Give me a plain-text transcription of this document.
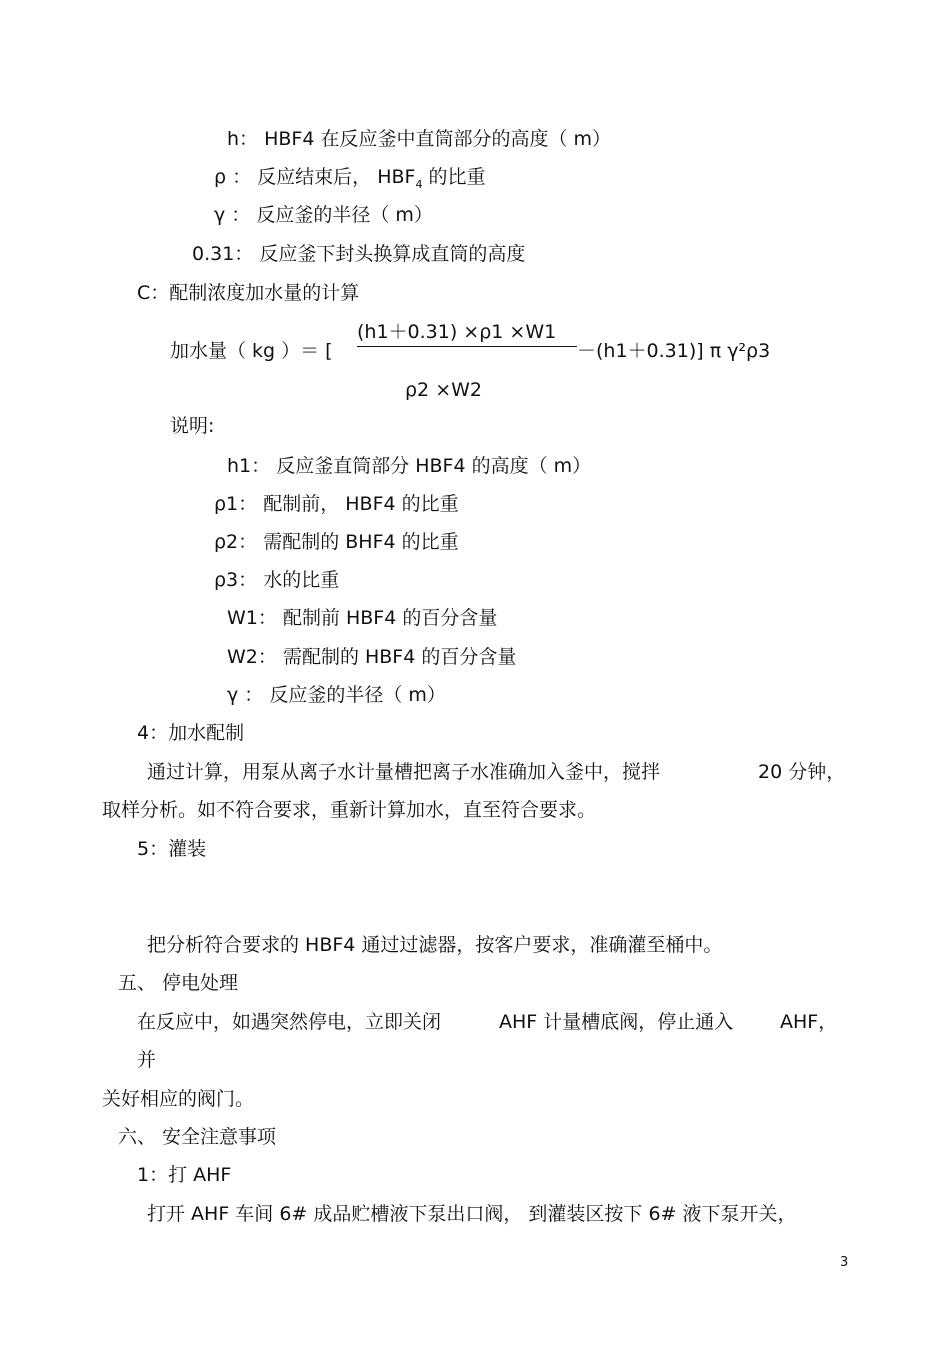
h： HBF4 在反应釜中直筒部分的高度（ m）
ρ ： 反应结束后， $HBF_4$ 的比重
γ ： 反应釜的半径（ m）
0.31： 反应釜下封头换算成直筒的高度
C：配制浓度加水量的计算
加水量（ kg ）＝ [
(h1＋0.31) ×ρ1 ×W1
－(h1＋0.31)] π γ²ρ3
ρ2 ×W2
说明:
h1： 反应釜直筒部分 HBF4 的高度（ m）
ρ1： 配制前， HBF4 的比重
ρ2： 需配制的 BHF4 的比重
ρ3： 水的比重
W1： 配制前 HBF4 的百分含量
W2： 需配制的 HBF4 的百分含量
γ ： 反应釜的半径（ m）
4：加水配制
通过计算，用泵从离子水计量槽把离子水准确加入釜中，搅拌	20 分钟，
取样分析。如不符合要求，重新计算加水，直至符合要求。
5：灌装
把分析符合要求的 HBF4 通过过滤器，按客户要求，准确灌至桶中。
五、 停电处理
在反应中，如遇突然停电，立即关闭	AHF 计量槽底阀，停止通入 AHF，
并
关好相应的阀门。
六、 安全注意事项
1：打 AHF
打开 AHF 车间 6# 成品贮槽液下泵出口阀， 到灌装区按下 6# 液下泵开关，
3
